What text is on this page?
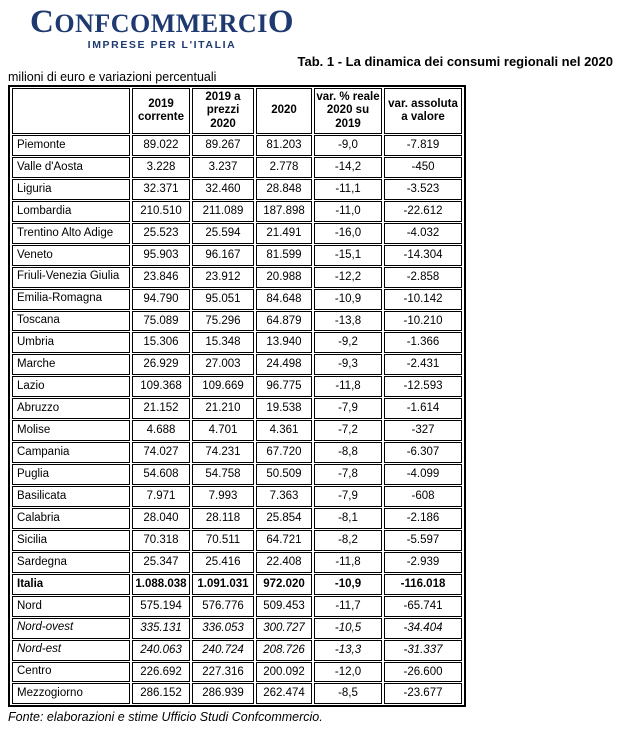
CONFCOMMERCIO
IMPRESE PER L'ITALIA
Tab. 1 - La dinamica dei consumi regionali nel 2020
milioni di euro e variazioni percentuali
	2019 corrente	2019 a prezzi 2020	2020	var. % reale 2020 su 2019	var. assoluta a valore
Piemonte	89.022	89.267	81.203	-9,0	-7.819
Valle d'Aosta	3.228	3.237	2.778	-14,2	-450
Liguria	32.371	32.460	28.848	-11,1	-3.523
Lombardia	210.510	211.089	187.898	-11,0	-22.612
Trentino Alto Adige	25.523	25.594	21.491	-16,0	-4.032
Veneto	95.903	96.167	81.599	-15,1	-14.304
Friuli-Venezia Giulia	23.846	23.912	20.988	-12,2	-2.858
Emilia-Romagna	94.790	95.051	84.648	-10,9	-10.142
Toscana	75.089	75.296	64.879	-13,8	-10.210
Umbria	15.306	15.348	13.940	-9,2	-1.366
Marche	26.929	27.003	24.498	-9,3	-2.431
Lazio	109.368	109.669	96.775	-11,8	-12.593
Abruzzo	21.152	21.210	19.538	-7,9	-1.614
Molise	4.688	4.701	4.361	-7,2	-327
Campania	74.027	74.231	67.720	-8,8	-6.307
Puglia	54.608	54.758	50.509	-7,8	-4.099
Basilicata	7.971	7.993	7.363	-7,9	-608
Calabria	28.040	28.118	25.854	-8,1	-2.186
Sicilia	70.318	70.511	64.721	-8,2	-5.597
Sardegna	25.347	25.416	22.408	-11,8	-2.939
Italia	1.088.038	1.091.031	972.020	-10,9	-116.018
Nord	575.194	576.776	509.453	-11,7	-65.741
Nord-ovest	335.131	336.053	300.727	-10,5	-34.404
Nord-est	240.063	240.724	208.726	-13,3	-31.337
Centro	226.692	227.316	200.092	-12,0	-26.600
Mezzogiorno	286.152	286.939	262.474	-8,5	-23.677
Fonte: elaborazioni e stime Ufficio Studi Confcommercio.
